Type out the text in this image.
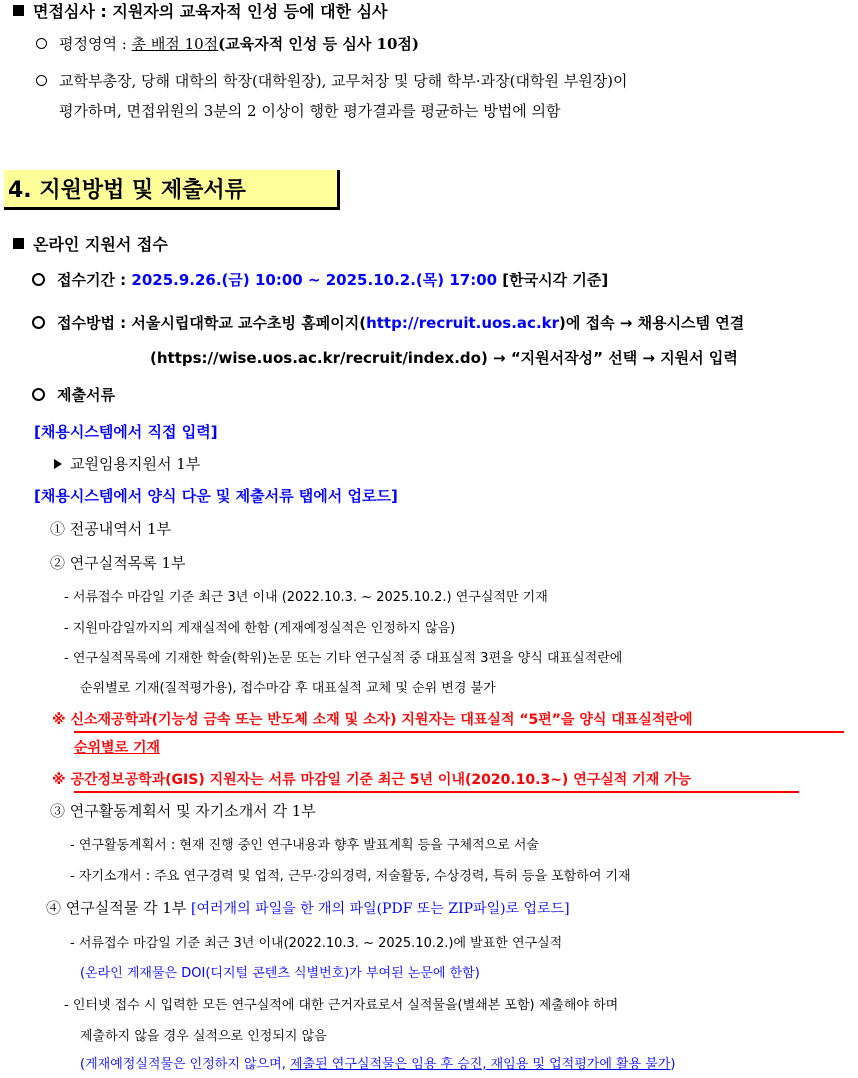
면접심사 : 지원자의 교육자적 인성 등에 대한 심사
평정영역 : 총 배점 10점(교육자적 인성 등 심사 10점)
교학부총장, 당해 대학의 학장(대학원장), 교무처장 및 당해 학부·과장(대학원 부원장)이
평가하며, 면접위원의 3분의 2 이상이 행한 평가결과를 평균하는 방법에 의함
4. 지원방법 및 제출서류
온라인 지원서 접수
접수기간 : 2025.9.26.(금) 10:00 ~ 2025.10.2.(목) 17:00 [한국시각 기준]
접수방법 : 서울시립대학교 교수초빙 홈페이지(http://recruit.uos.ac.kr)에 접속 → 채용시스템 연결
(https://wise.uos.ac.kr/recruit/index.do) → “지원서작성” 선택 → 지원서 입력
제출서류
[채용시스템에서 직접 입력]
교원임용지원서 1부
[채용시스템에서 양식 다운 및 제출서류 탭에서 업로드]
① 전공내역서 1부
② 연구실적목록 1부
- 서류접수 마감일 기준 최근 3년 이내 (2022.10.3. ~ 2025.10.2.) 연구실적만 기재
- 지원마감일까지의 게재실적에 한함 (게재예정실적은 인정하지 않음)
- 연구실적목록에 기재한 학술(학위)논문 또는 기타 연구실적 중 대표실적 3편을 양식 대표실적란에
순위별로 기재(질적평가용), 접수마감 후 대표실적 교체 및 순위 변경 불가
※ 신소재공학과(기능성 금속 또는 반도체 소재 및 소자) 지원자는 대표실적 “5편”을 양식 대표실적란에
순위별로 기재
※ 공간정보공학과(GIS) 지원자는 서류 마감일 기준 최근 5년 이내(2020.10.3~) 연구실적 기재 가능
③ 연구활동계획서 및 자기소개서 각 1부
- 연구활동계획서 : 현재 진행 중인 연구내용과 향후 발표계획 등을 구체적으로 서술
- 자기소개서 : 주요 연구경력 및 업적, 근무·강의경력, 저술활동, 수상경력, 특허 등을 포함하여 기재
④ 연구실적물 각 1부 [여러개의 파일을 한 개의 파일(PDF 또는 ZIP파일)로 업로드]
- 서류접수 마감일 기준 최근 3년 이내(2022.10.3. ~ 2025.10.2.)에 발표한 연구실적
(온라인 게재물은 DOI(디지털 콘텐츠 식별번호)가 부여된 논문에 한함)
- 인터넷 접수 시 입력한 모든 연구실적에 대한 근거자료로서 실적물을(별쇄본 포함) 제출해야 하며
제출하지 않을 경우 실적으로 인정되지 않음
(게재예정실적물은 인정하지 않으며, 제출된 연구실적물은 임용 후 승진, 재임용 및 업적평가에 활용 불가)
